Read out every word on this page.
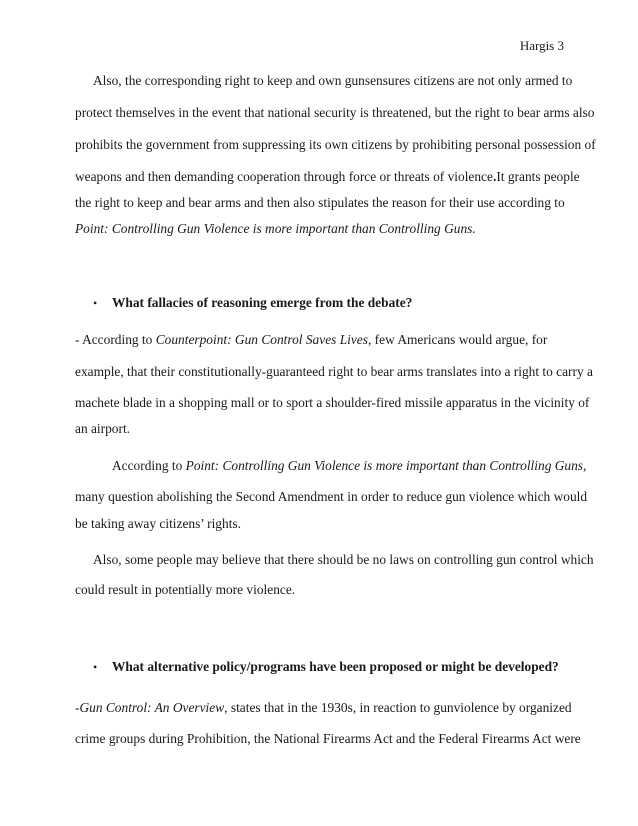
Hargis 3
Also, the corresponding right to keep and own gunsensures citizens are not only armed to
protect themselves in the event that national security is threatened, but the right to bear arms also
prohibits the government from suppressing its own citizens by prohibiting personal possession of
weapons and then demanding cooperation through force or threats of violence.It grants people
the right to keep and bear arms and then also stipulates the reason for their use according to
Point: Controlling Gun Violence is more important than Controlling Guns.
• What fallacies of reasoning emerge from the debate?
- According to Counterpoint: Gun Control Saves Lives, few Americans would argue, for
example, that their constitutionally-guaranteed right to bear arms translates into a right to carry a
machete blade in a shopping mall or to sport a shoulder-fired missile apparatus in the vicinity of
an airport.
According to Point: Controlling Gun Violence is more important than Controlling Guns,
many question abolishing the Second Amendment in order to reduce gun violence which would
be taking away citizens’ rights.
Also, some people may believe that there should be no laws on controlling gun control which
could result in potentially more violence.
• What alternative policy/programs have been proposed or might be developed?
-Gun Control: An Overview, states that in the 1930s, in reaction to gunviolence by organized
crime groups during Prohibition, the National Firearms Act and the Federal Firearms Act were
